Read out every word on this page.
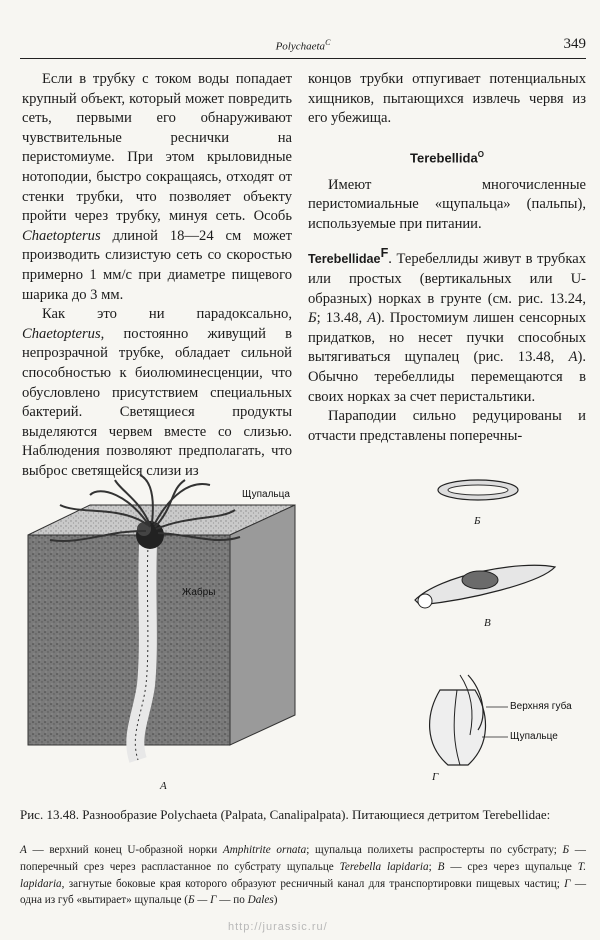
Polychaeta$^C$	349

Если в трубку с током воды попадает крупный объект, который может повредить сеть, первыми его обнаруживают чувствительные реснички на перистомиуме. При этом крыловидные нотоподии, быстро сокращаясь, отходят от стенки трубки, что позволяет объекту пройти через трубку, минуя сеть. Особь Chaetopterus длиной 18—24 см может производить слизистую сеть со скоростью примерно 1 мм/с при диаметре пищевого шарика до 3 мм.

Как это ни парадоксально, Chaetopterus, постоянно живущий в непрозрачной трубке, обладает сильной способностью к биолюминесценции, что обусловлено присутствием специальных бактерий. Светящиеся продукты выделяются червем вместе со слизью. Наблюдения позволяют предполагать, что выброс светящейся слизи из

концов трубки отпугивает потенциальных хищников, пытающихся извлечь червя из его убежища.

Terebellida$^O$

Имеют многочисленные перистомиальные «щупальца» (пальпы), используемые при питании.

Terebellidae$^F$. Теребеллиды живут в трубках или простых (вертикальных или U-образных) норках в грунте (см. рис. 13.24, Б; 13.48, А). Простомиум лишен сенсорных придатков, но несет пучки способных вытягиваться щупалец (рис. 13.48, А). Обычно теребеллиды перемещаются в своих норках за счет перистальтики.

Параподии сильно редуцированы и отчасти представлены поперечны-

Щупальца
Жабры
Верхняя губа
Щупальце
А
Б
В
Г
Рис. 13.48. Разнообразие Polychaeta (Palpata, Canalipalpata). Питающиеся детритом Terebellidae:
А — верхний конец U-образной норки Amphitrite ornata; щупальца полихеты распростерты по субстрату; Б — поперечный срез через распластанное по субстрату щупальце Terebella lapidaria; В — срез через щупальце T. lapidaria, загнутые боковые края которого образуют ресничный канал для транспортировки пищевых частиц; Г — одна из губ «вытирает» щупальце (Б — Г — по Dales)
http://jurassic.ru/
